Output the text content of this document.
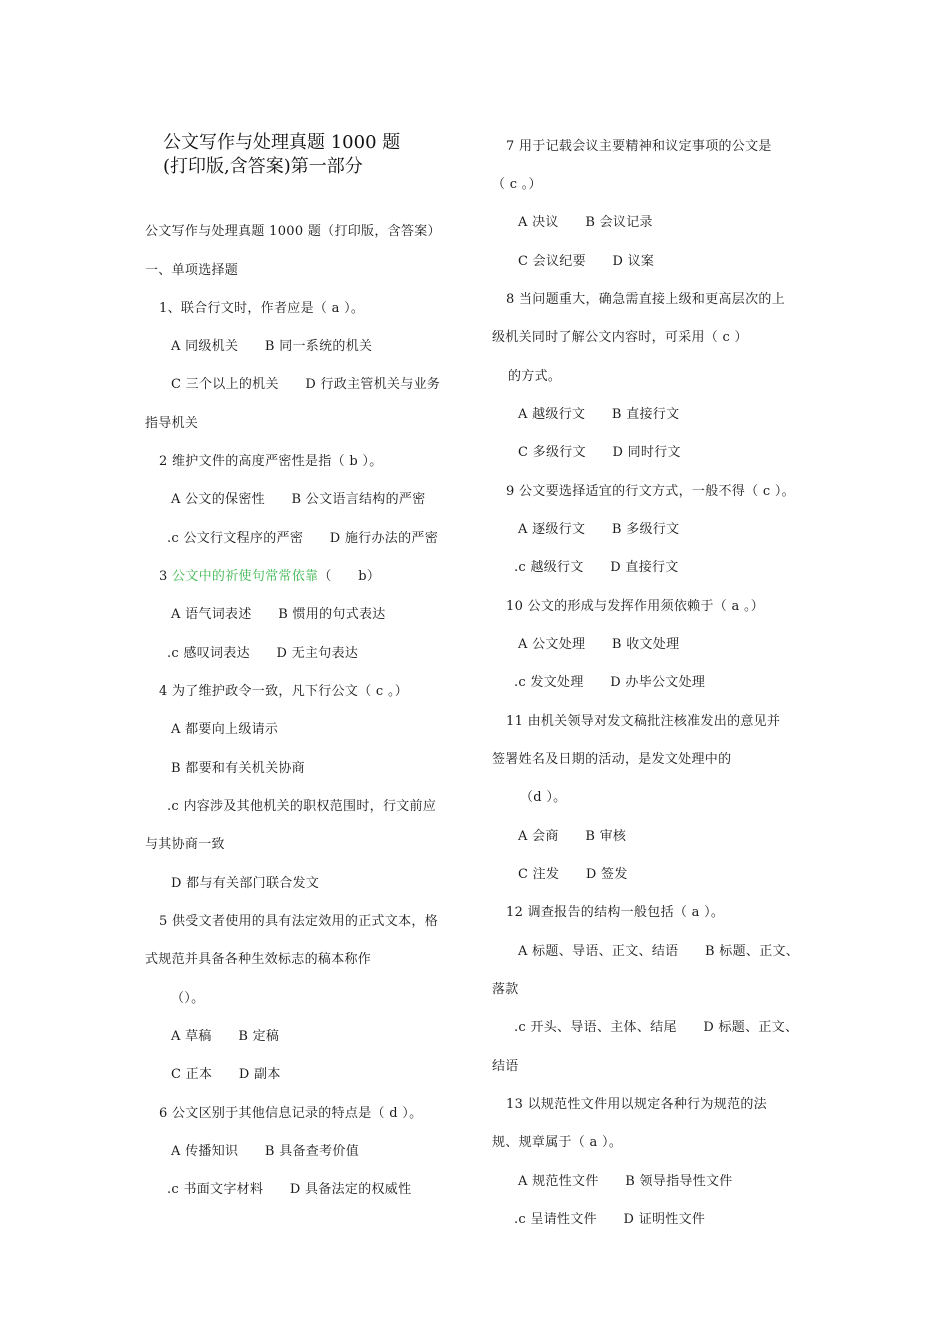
公文写作与处理真题 1000 题
(打印版,含答案)第一部分
公文写作与处理真题 1000 题（打印版，含答案）
一、单项选择题
1、联合行文时，作者应是（ a ）。
A 同级机关　　B 同一系统的机关
C 三个以上的机关　　D 行政主管机关与业务
指导机关
2 维护文件的高度严密性是指（ b ）。
A 公文的保密性　　B 公文语言结构的严密
.c 公文行文程序的严密　　D 施行办法的严密
3 公文中的祈使句常常依靠（　　b）
A 语气词表述　　B 惯用的句式表达
.c 感叹词表达　　D 无主句表达
4 为了维护政令一致，凡下行公文（ c 。）
A 都要向上级请示
B 都要和有关机关协商
.c 内容涉及其他机关的职权范围时，行文前应
与其协商一致
D 都与有关部门联合发文
5 供受文者使用的具有法定效用的正式文本，格
式规范并具备各种生效标志的稿本称作
（）。
A 草稿　　B 定稿
C 正本　　D 副本
6 公文区别于其他信息记录的特点是（ d ）。
A 传播知识　　B 具备查考价值
.c 书面文字材料　　D 具备法定的权威性
7 用于记载会议主要精神和议定事项的公文是
（ c 。）
A 决议　　B 会议记录
C 会议纪要　　D 议案
8 当问题重大，确急需直接上级和更高层次的上
级机关同时了解公文内容时，可采用（ c ）
的方式。
A 越级行文　　B 直接行文
C 多级行文　　D 同时行文
9 公文要选择适宜的行文方式，一般不得（ c ）。
A 逐级行文　　B 多级行文
.c 越级行文　　D 直接行文
10 公文的形成与发挥作用须依赖于（ a 。）
A 公文处理　　B 收文处理
.c 发文处理　　D 办毕公文处理
11 由机关领导对发文稿批注核准发出的意见并
签署姓名及日期的活动，是发文处理中的
（d ）。
A 会商　　B 审核
C 注发　　D 签发
12 调查报告的结构一般包括（ a ）。
A 标题、导语、正文、结语　　B 标题、正文、
落款
.c 开头、导语、主体、结尾　　D 标题、正文、
结语
13 以规范性文件用以规定各种行为规范的法
规、规章属于（ a ）。
A 规范性文件　　B 领导指导性文件
.c 呈请性文件　　D 证明性文件
